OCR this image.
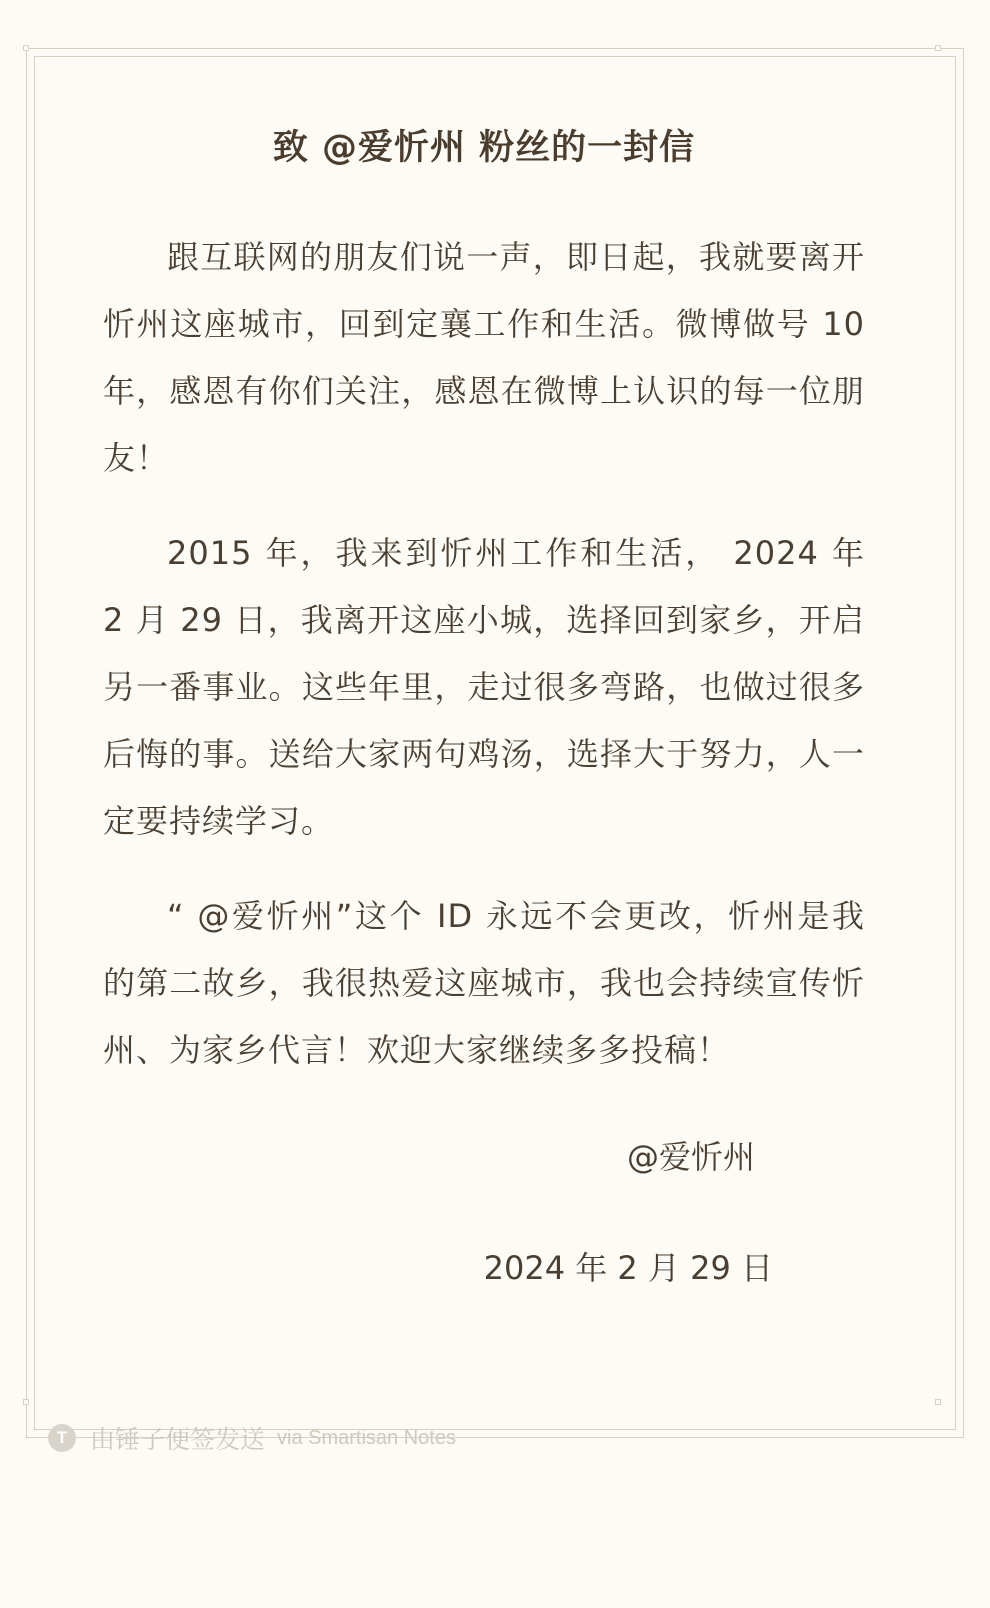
致 @爱忻州 粉丝的一封信

跟互联网的朋友们说一声，即日起，我就要离开忻州这座城市，回到定襄工作和生活。微博做号 10 年，感恩有你们关注，感恩在微博上认识的每一位朋友！

2015 年，我来到忻州工作和生活， 2024 年 2 月 29 日，我离开这座小城，选择回到家乡，开启另一番事业。这些年里，走过很多弯路，也做过很多后悔的事。送给大家两句鸡汤，选择大于努力，人一定要持续学习。

“ @爱忻州”这个 ID 永远不会更改，忻州是我的第二故乡，我很热爱这座城市，我也会持续宣传忻州、为家乡代言！欢迎大家继续多多投稿！

@爱忻州

2024 年 2 月 29 日

T 由锤子便签发送 via Smartisan Notes
